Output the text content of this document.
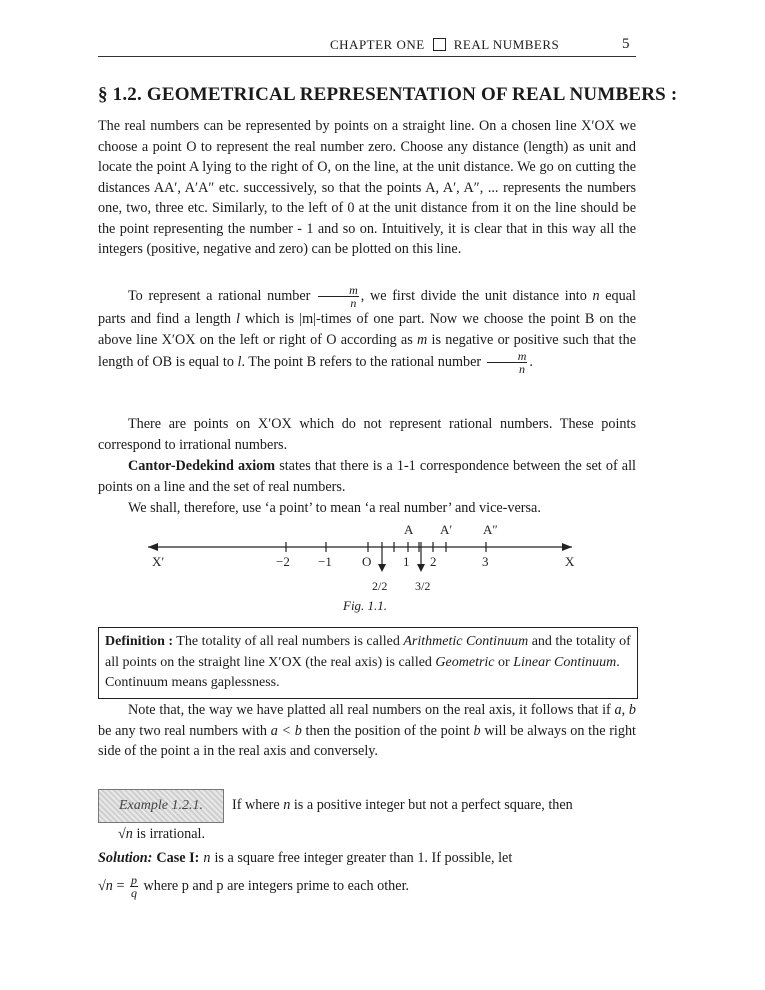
CHAPTER ONE REAL NUMBERS	5
§ 1.2. GEOMETRICAL REPRESENTATION OF REAL NUMBERS :
The real numbers can be represented by points on a straight line. On a chosen line X′OX we choose a point O to represent the real number zero. Choose any distance (length) as unit and locate the point A lying to the right of O, on the line, at the unit distance. We go on cutting the distances AA′, A′A″ etc. successively, so that the points A, A′, A″, ... represents the numbers one, two, three etc. Similarly, to the left of 0 at the unit distance from it on the line should be the point representing the number - 1 and so on. Intuitively, it is clear that in this way all the integers (positive, negative and zero) can be plotted on this line.
To represent a rational number $\frac{m}{n}$ , we first divide the unit distance into n equal parts and find a length l which is |m|-times of one part. Now we choose the point B on the above line X′OX on the left or right of O according as m is negative or positive such that the length of OB is equal to l. The point B refers to the rational number $\frac{m}{n}$ .
There are points on X′OX which do not represent rational numbers. These points correspond to irrational numbers.
Cantor-Dedekind axiom states that there is a 1-1 correspondence between the set of all points on a line and the set of real numbers.
We shall, therefore, use ‘a point’ to mean ‘a real number’ and vice-versa.
A A′ A″
X′	X
−2 −1 O 1 2	3
2/2 3/2
Fig. 1.1.
Definition : The totality of all real numbers is called Arithmetic Continuum and the totality of all points on the straight line X′OX (the real axis) is called Geometric or Linear Continuum. Continuum means gaplessness.
Note that, the way we have platted all real numbers on the real axis, it follows that if a, b be any two real numbers with a < b then the position of the point b will be always on the right side of the point a in the real axis and conversely.
Example 1.2.1.	If where n is a positive integer but not a perfect square, then
√n is irrational.
Solution: Case I: n is a square free integer greater than 1. If possible, let
$√n = \frac{p}{q}$ where p and p are integers prime to each other.
